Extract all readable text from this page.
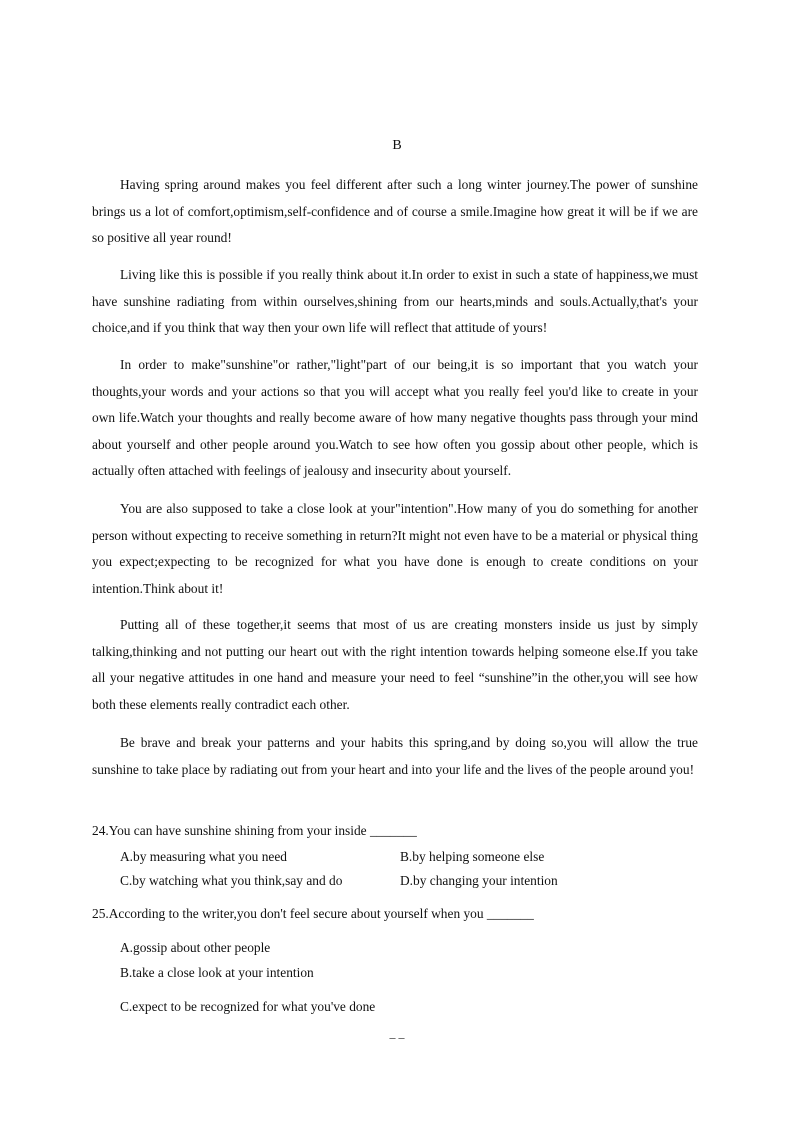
B

Having spring around makes you feel different after such a long winter journey.The power of sunshine brings us a lot of comfort,optimism,self-confidence and of course a smile.Imagine how great it will be if we are so positive all year round!

Living like this is possible if you really think about it.In order to exist in such a state of happiness,we must have sunshine radiating from within ourselves,shining from our hearts,minds and souls.Actually,that's your choice,and if you think that way then your own life will reflect that attitude of yours!

In order to make"sunshine"or rather,"light"part of our being,it is so important that you watch your thoughts,your words and your actions so that you will accept what you really feel you'd like to create in your own life.Watch your thoughts and really become aware of how many negative thoughts pass through your mind about yourself and other people around you.Watch to see how often you gossip about other people, which is actually often attached with feelings of jealousy and insecurity about yourself.

You are also supposed to take a close look at your"intention".How many of you do something for another person without expecting to receive something in return?It might not even have to be a material or physical thing you expect;expecting to be recognized for what you have done is enough to create conditions on your intention.Think about it!

Putting all of these together,it seems that most of us are creating monsters inside us just by simply talking,thinking and not putting our heart out with the right intention towards helping someone else.If you take all your negative attitudes in one hand and measure your need to feel “sunshine”in the other,you will see how both these elements really contradict each other.

Be brave and break your patterns and your habits this spring,and by doing so,you will allow the true sunshine to take place by radiating out from your heart and into your life and the lives of the people around you!

24.You can have sunshine shining from your inside _______
A.by measuring what you need	B.by helping someone else
C.by watching what you think,say and do	D.by changing your intention
25.According to the writer,you don't feel secure about yourself when you _______
A.gossip about other people
B.take a close look at your intention
C.expect to be recognized for what you've done
– –
